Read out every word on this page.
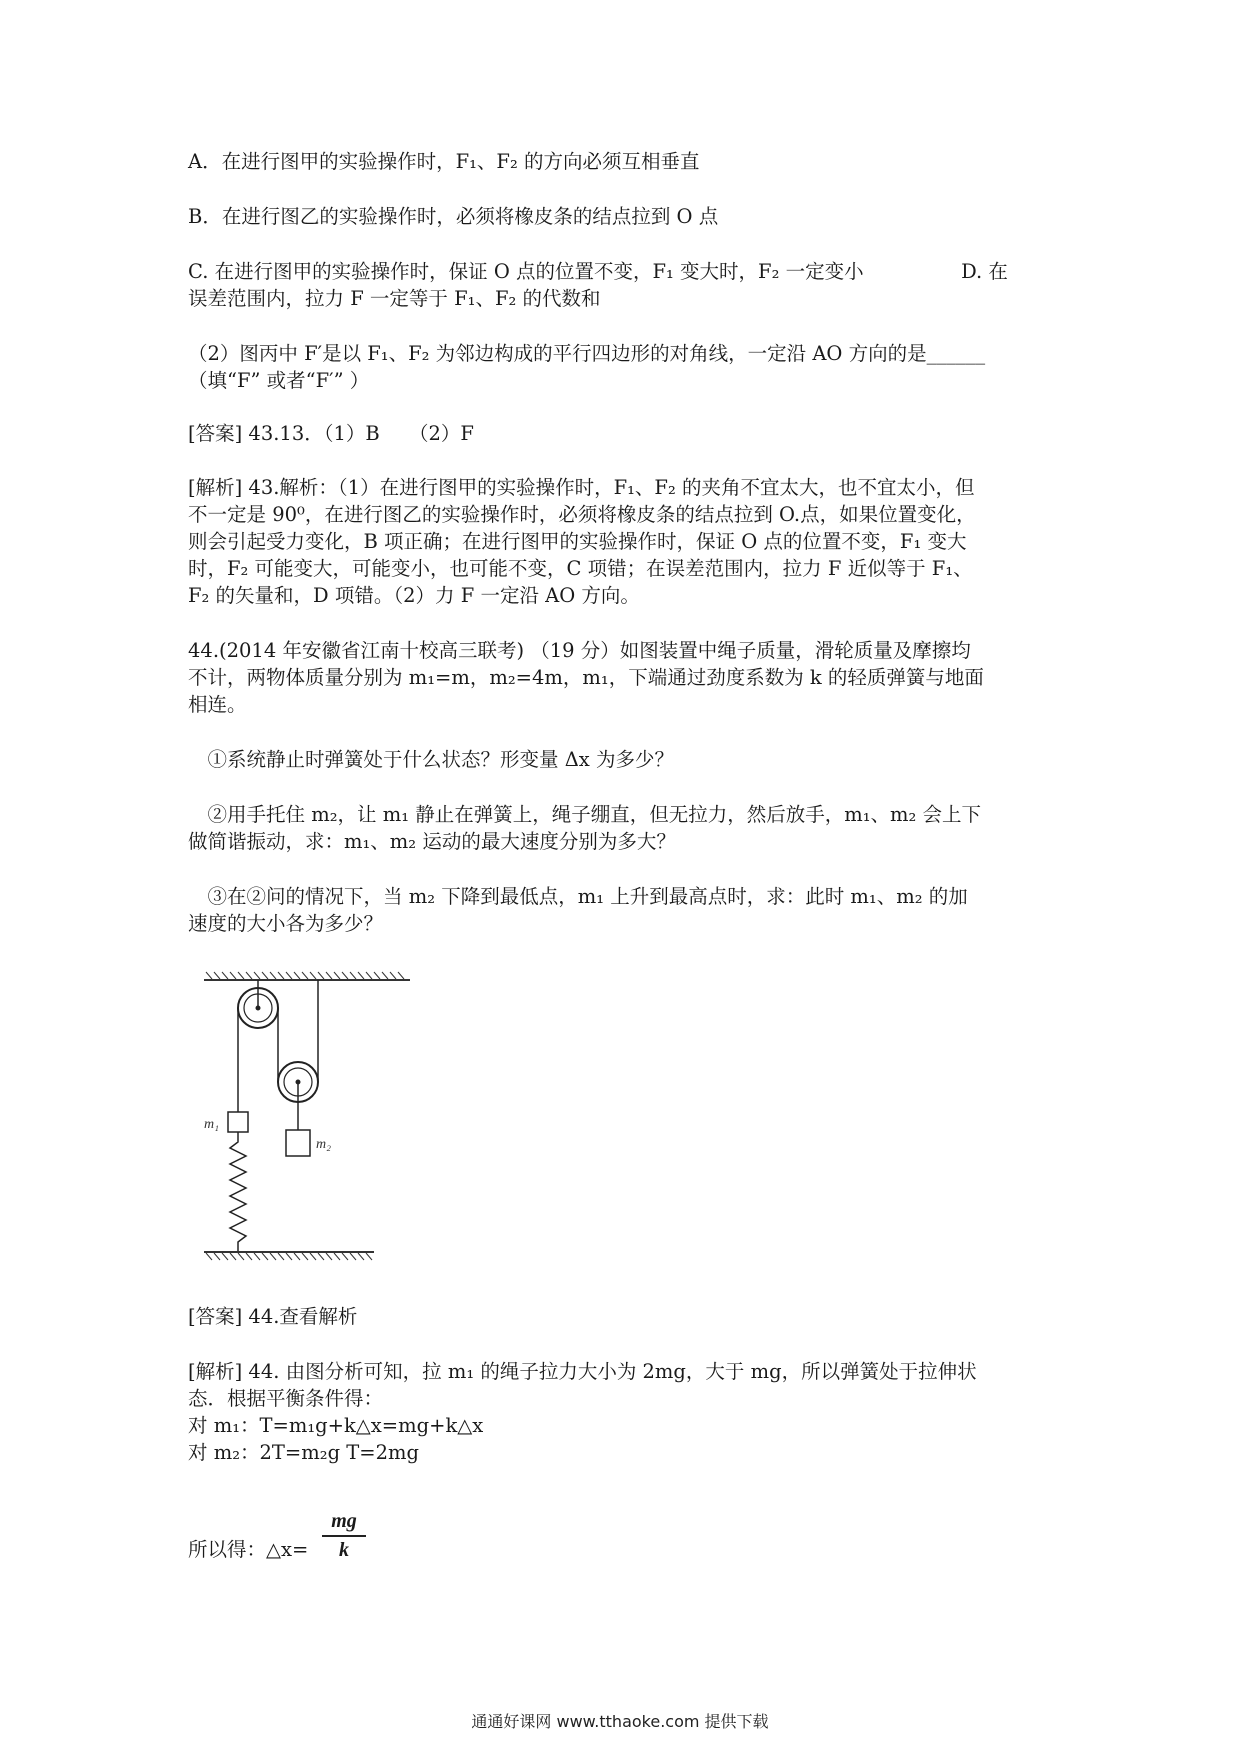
A．在进行图甲的实验操作时，F₁、F₂ 的方向必须互相垂直
B．在进行图乙的实验操作时，必须将橡皮条的结点拉到 O 点
C. 在进行图甲的实验操作时，保证 O 点的位置不变，F₁ 变大时，F₂ 一定变小　　　　　D. 在
误差范围内，拉力 F 一定等于 F₁、F₂ 的代数和
（2）图丙中 F′是以 F₁、F₂ 为邻边构成的平行四边形的对角线，一定沿 AO 方向的是______
（填“F” 或者“F′” ）
[答案] 43.13．（1）B　　（2）F
[解析] 43.解析：（1）在进行图甲的实验操作时，F₁、F₂ 的夹角不宜太大，也不宜太小，但
不一定是 90⁰，在进行图乙的实验操作时，必须将橡皮条的结点拉到 O.点，如果位置变化，
则会引起受力变化，B 项正确；在进行图甲的实验操作时，保证 O 点的位置不变，F₁ 变大
时，F₂ 可能变大，可能变小，也可能不变，C 项错；在误差范围内，拉力 F 近似等于 F₁、
F₂ 的矢量和，D 项错。（2）力 F 一定沿 AO 方向。
44.(2014 年安徽省江南十校高三联考) （19 分）如图装置中绳子质量，滑轮质量及摩擦均
不计，两物体质量分别为 m₁=m，m₂=4m，m₁，下端通过劲度系数为 k 的轻质弹簧与地面
相连。
　①系统静止时弹簧处于什么状态？形变量 Δx 为多少？
　②用手托住 m₂，让 m₁ 静止在弹簧上，绳子绷直，但无拉力，然后放手，m₁、m₂ 会上下
做简谐振动，求：m₁、m₂ 运动的最大速度分别为多大？
　③在②问的情况下，当 m₂ 下降到最低点，m₁ 上升到最高点时，求：此时 m₁、m₂ 的加
速度的大小各为多少？
m₁
m₂
[答案] 44.查看解析
[解析] 44. 由图分析可知，拉 m₁ 的绳子拉力大小为 2mg，大于 mg，所以弹簧处于拉伸状
态．根据平衡条件得：
对 m₁：T=m₁g+k△x=mg+k△x
对 m₂：2T=m₂g T=2mg
所以得：△x= $\frac{mg}{k}$
通通好课网 www.tthaoke.com 提供下载
